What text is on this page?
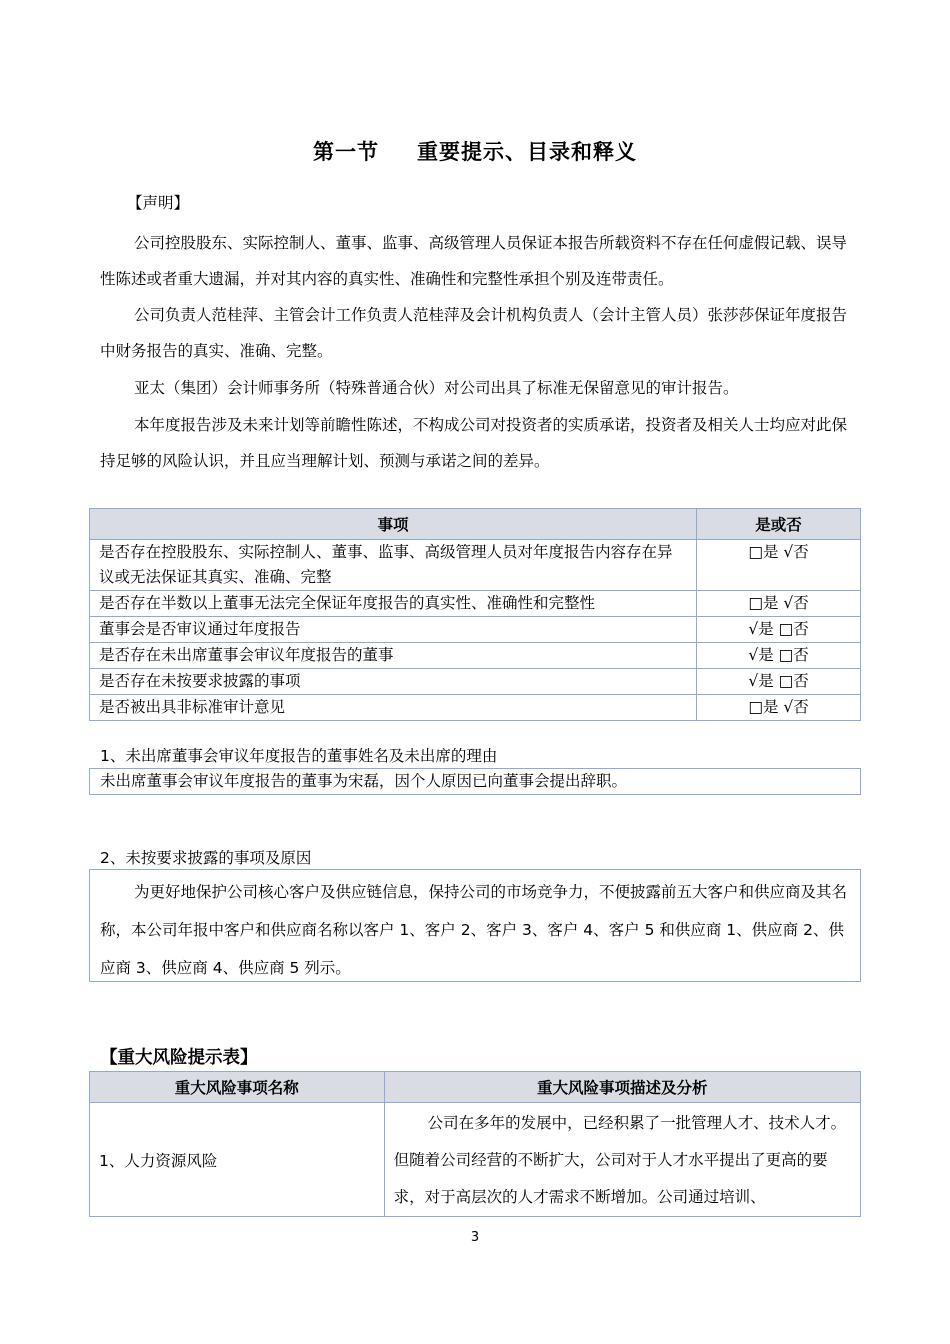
第一节 重要提示、目录和释义
【声明】

公司控股股东、实际控制人、董事、监事、高级管理人员保证本报告所载资料不存在任何虚假记载、误导性陈述或者重大遗漏，并对其内容的真实性、准确性和完整性承担个别及连带责任。

公司负责人范桂萍、主管会计工作负责人范桂萍及会计机构负责人（会计主管人员）张莎莎保证年度报告中财务报告的真实、准确、完整。

亚太（集团）会计师事务所（特殊普通合伙）对公司出具了标准无保留意见的审计报告。

本年度报告涉及未来计划等前瞻性陈述，不构成公司对投资者的实质承诺，投资者及相关人士均应对此保持足够的风险认识，并且应当理解计划、预测与承诺之间的差异。

事项	是或否
是否存在控股股东、实际控制人、董事、监事、高级管理人员对年度报告内容存在异议或无法保证其真实、准确、完整	□是 √否
是否存在半数以上董事无法完全保证年度报告的真实性、准确性和完整性	□是 √否
董事会是否审议通过年度报告	√是 □否
是否存在未出席董事会审议年度报告的董事	√是 □否
是否存在未按要求披露的事项	√是 □否
是否被出具非标准审计意见	□是 √否
1、未出席董事会审议年度报告的董事姓名及未出席的理由
未出席董事会审议年度报告的董事为宋磊，因个人原因已向董事会提出辞职。
2、未按要求披露的事项及原因
为更好地保护公司核心客户及供应链信息，保持公司的市场竞争力，不便披露前五大客户和供应商及其名称，本公司年报中客户和供应商名称以客户 1、客户 2、客户 3、客户 4、客户 5 和供应商 1、供应商 2、供应商 3、供应商 4、供应商 5 列示。
【重大风险提示表】
重大风险事项名称	重大风险事项描述及分析
1、人力资源风险	公司在多年的发展中，已经积累了一批管理人才、技术人才。但随着公司经营的不断扩大，公司对于人才水平提出了更高的要求，对于高层次的人才需求不断增加。公司通过培训、
3
